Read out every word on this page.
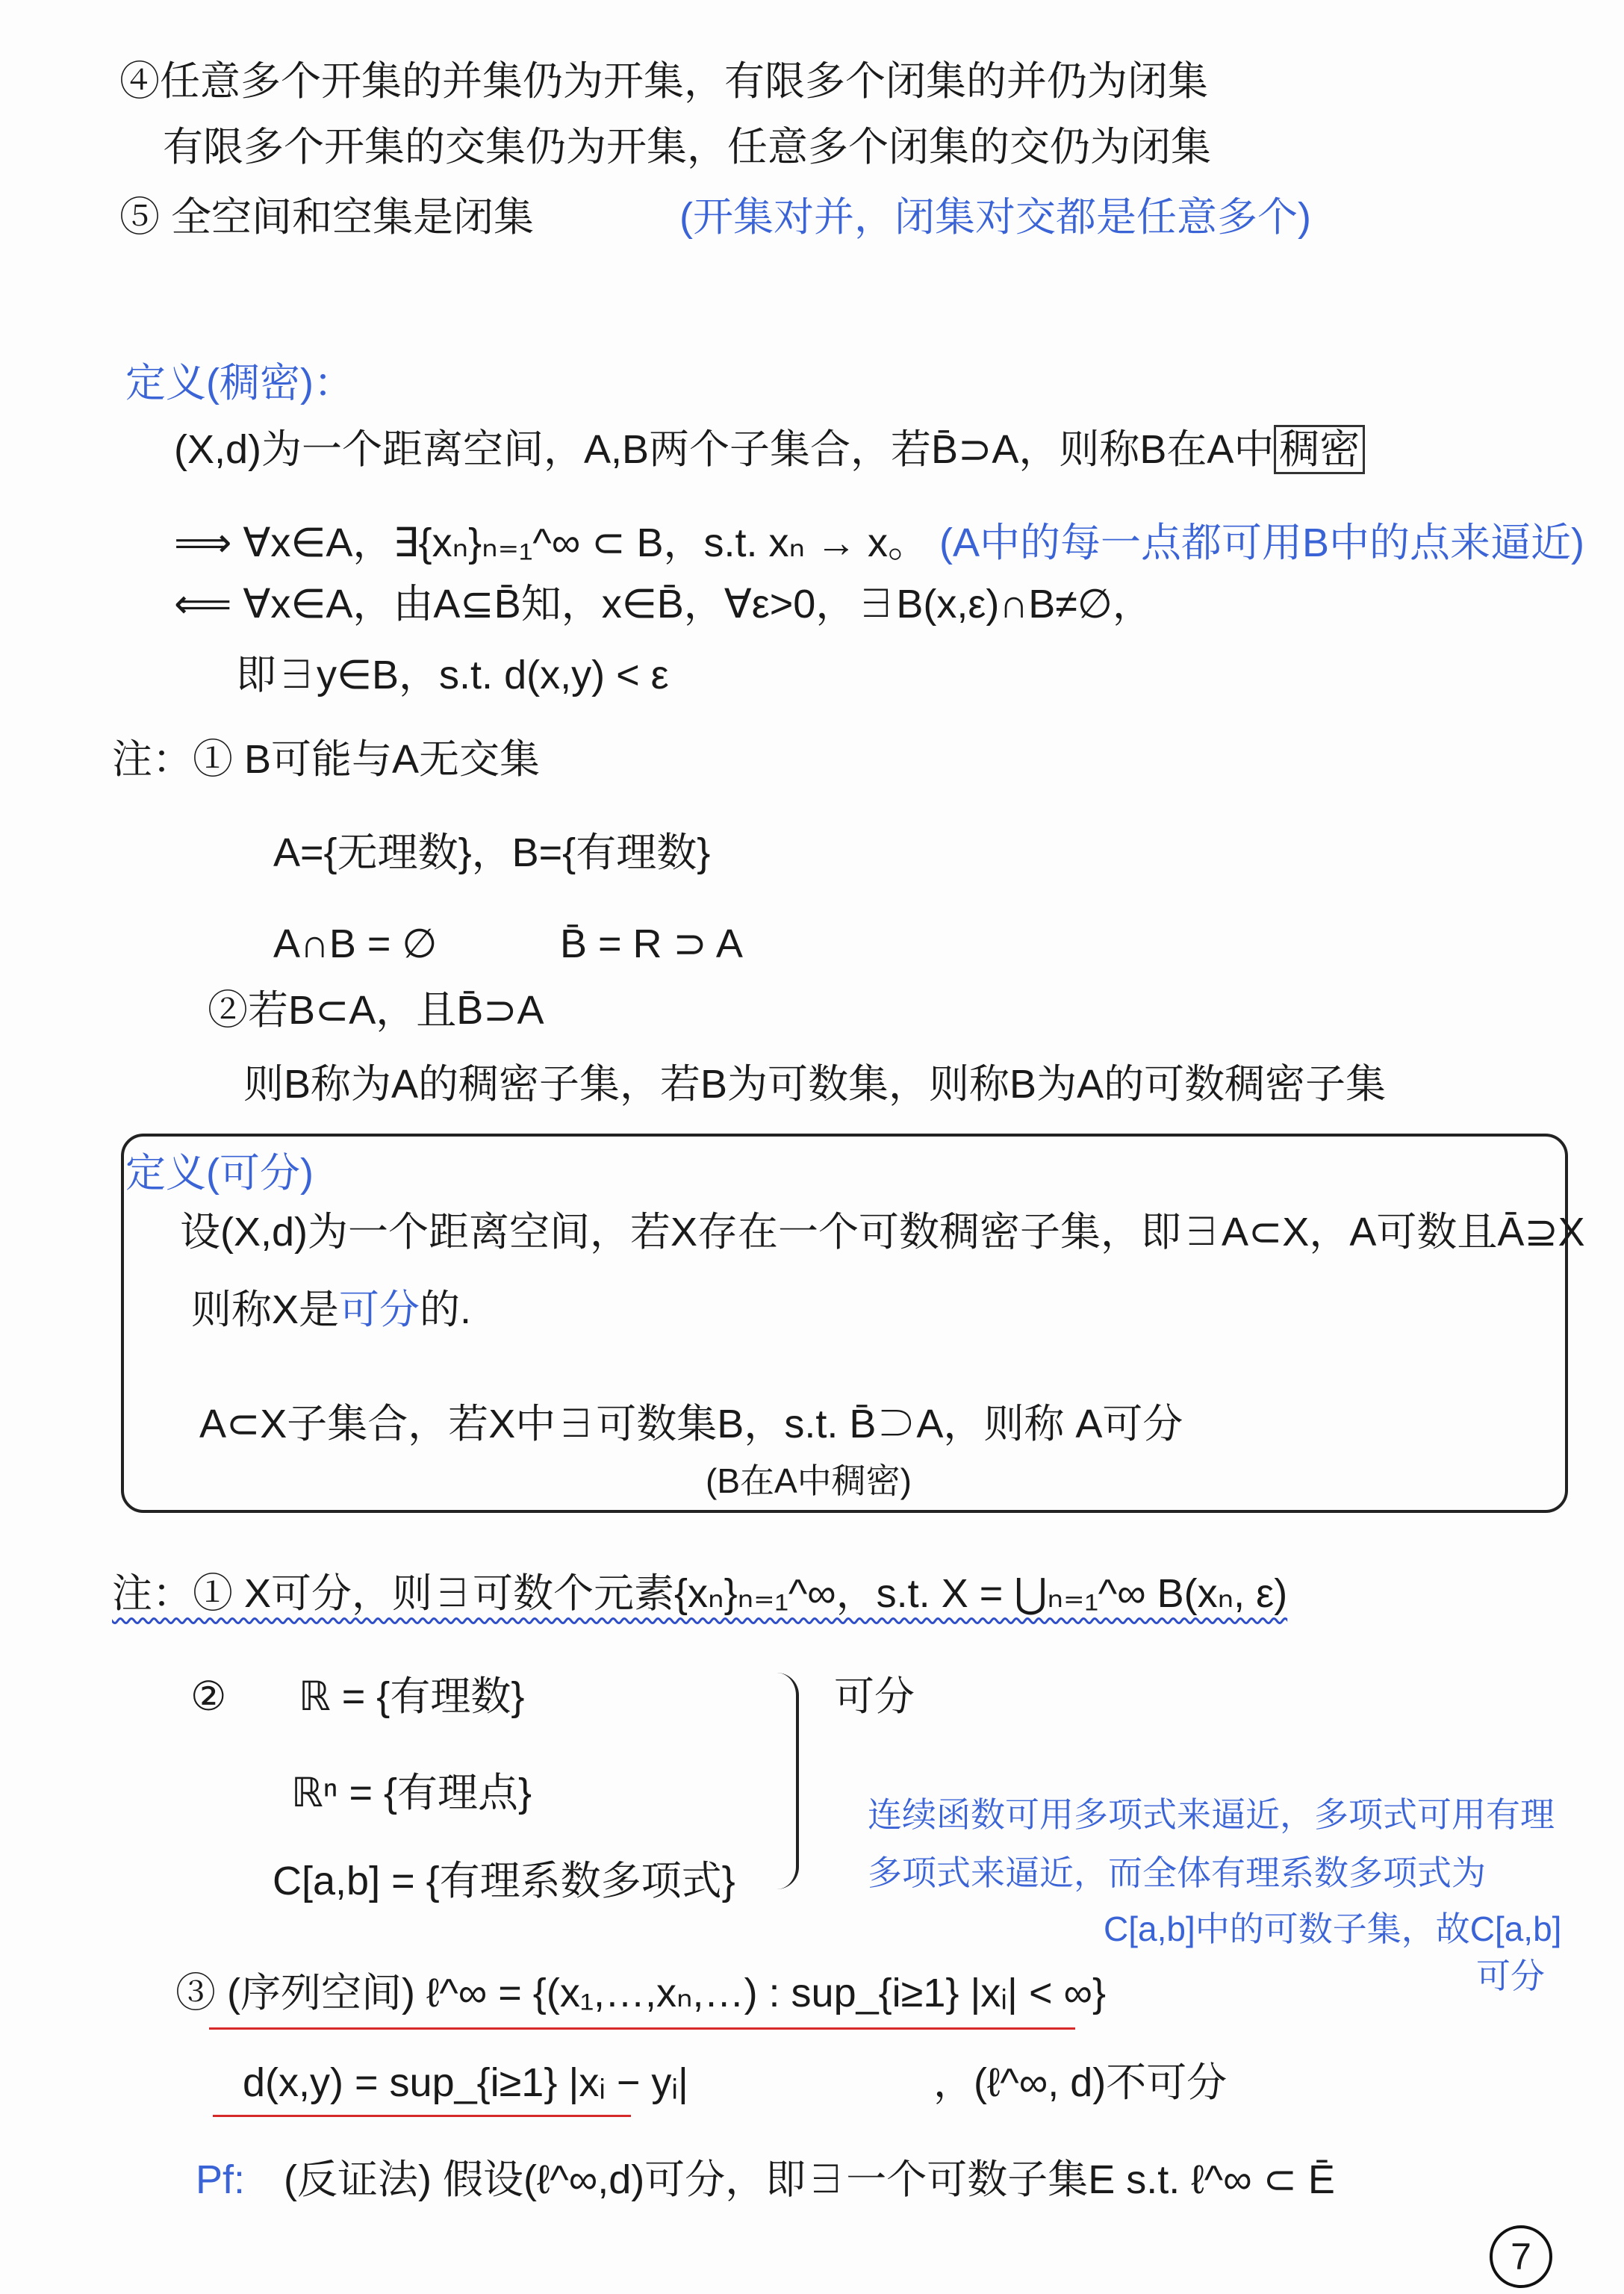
④任意多个开集的并集仍为开集，有限多个闭集的并仍为闭集
有限多个开集的交集仍为开集，任意多个闭集的交仍为闭集
⑤ 全空间和空集是闭集	(开集对并，闭集对交都是任意多个)
定义(稠密)：
(X,d)为一个距离空间，A,B两个子集合，若B̄⊃A，则称B在A中 稠密
⟹ ∀x∈A，∃{xₙ}ₙ₌₁^∞ ⊂ B，s.t. xₙ → x。 (A中的每一点都可用B中的点来逼近)
⟸ ∀x∈A，由A⊆B̄知，x∈B̄，∀ε>0，∃B(x,ε)∩B≠∅，
即∃y∈B，s.t. d(x,y) < ε
注：① B可能与A无交集
A={无理数}，B={有理数}
A∩B = ∅	B̄ = R ⊃ A
②若B⊂A，且B̄⊃A
则B称为A的稠密子集，若B为可数集，则称B为A的可数稠密子集
定义(可分)
设(X,d)为一个距离空间，若X存在一个可数稠密子集，即∃A⊂X，A可数且Ā⊇X
则称X是可分的.
A⊂X子集合，若X中∃可数集B，s.t. B̄⊃A，则称 A可分
(B在A中稠密)
注：① X可分，则∃可数个元素{xₙ}ₙ₌₁^∞，s.t. X = ⋃ₙ₌₁^∞ B(xₙ, ε)
② ℝ = {有理数}
ℝⁿ = {有理点}
C[a,b] = {有理系数多项式}
可分
连续函数可用多项式来逼近，多项式可用有理
多项式来逼近，而全体有理系数多项式为
C[a,b]中的可数子集，故C[a,b]
可分
③ (序列空间) ℓ^∞ = {(x₁,…,xₙ,…) : sup_{i≥1} |xᵢ| < ∞}
d(x,y) = sup_{i≥1} |xᵢ − yᵢ|	，(ℓ^∞, d)不可分
Pf: (反证法) 假设(ℓ^∞,d)可分，即∃一个可数子集E s.t. ℓ^∞ ⊂ Ē
7
